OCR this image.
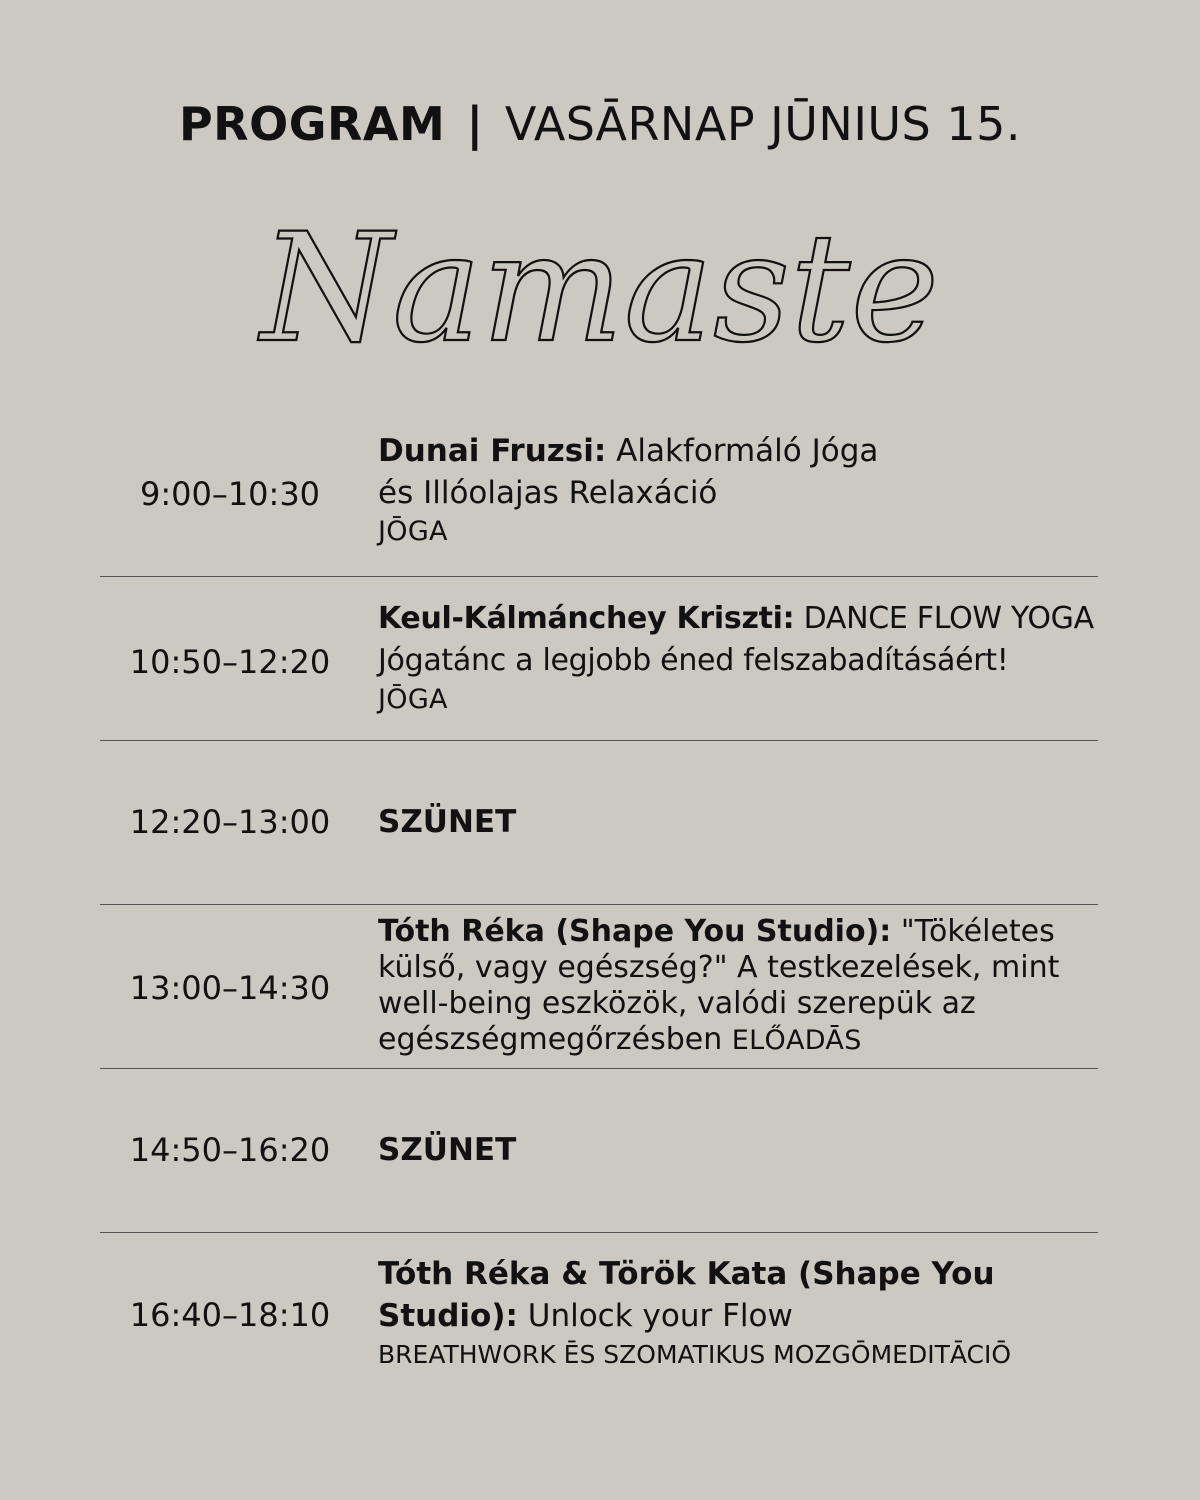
PROGRAM | VASĀRNAP JŪNIUS 15.
Namaste
9:00–10:30
Dunai Fruzsi: Alakformáló Jóga és Illóolajas Relaxáció
JŌGA
10:50–12:20
Keul-Kálmánchey Kriszti: DANCE FLOW YOGA Jógatánc a legjobb éned felszabadításáért!
JŌGA
12:20–13:00	SZÜNET
13:00–14:30
Tóth Réka (Shape You Studio): "Tökéletes külső, vagy egészség?" A testkezelések, mint well-being eszközök, valódi szerepük az egészségmegőrzésben ELŐADĀS
14:50–16:20	SZÜNET
16:40–18:10
Tóth Réka & Török Kata (Shape You Studio): Unlock your Flow
BREATHWORK ĒS SZOMATIKUS MOZGŌMEDITĀCIŌ
